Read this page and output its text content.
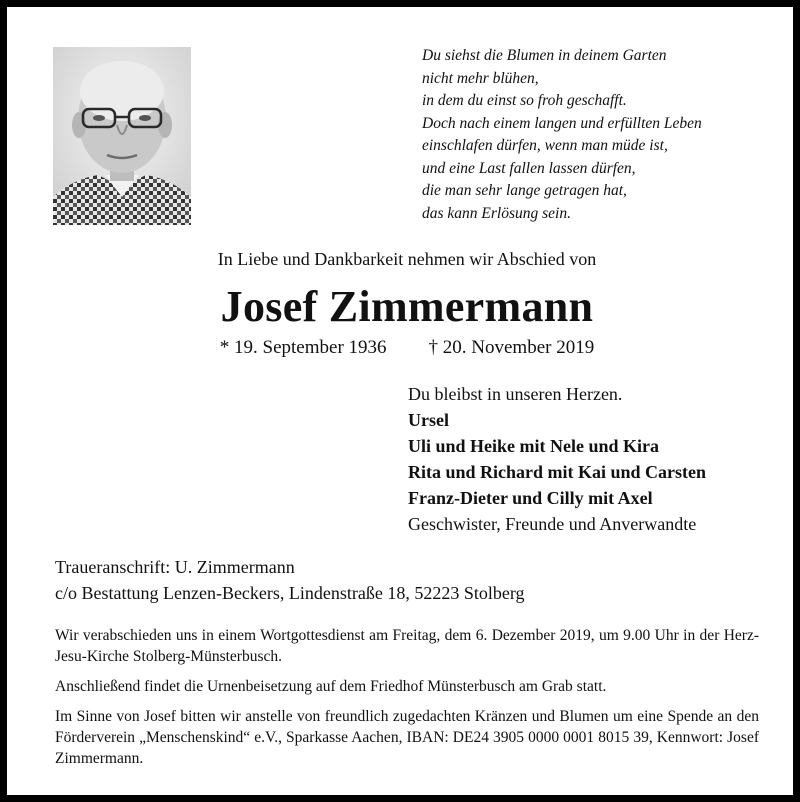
Du siehst die Blumen in deinem Garten
nicht mehr blühen,
in dem du einst so froh geschafft.
Doch nach einem langen und erfüllten Leben
einschlafen dürfen, wenn man müde ist,
und eine Last fallen lassen dürfen,
die man sehr lange getragen hat,
das kann Erlösung sein.
In Liebe und Dankbarkeit nehmen wir Abschied von
Josef Zimmermann
* 19. September 1936 † 20. November 2019
Du bleibst in unseren Herzen.
Ursel
Uli und Heike mit Nele und Kira
Rita und Richard mit Kai und Carsten
Franz-Dieter und Cilly mit Axel
Geschwister, Freunde und Anverwandte
Traueranschrift: U. Zimmermann
c/o Bestattung Lenzen-Beckers, Lindenstraße 18, 52223 Stolberg

Wir verabschieden uns in einem Wortgottesdienst am Freitag, dem 6. Dezember 2019, um 9.00 Uhr in der Herz-Jesu-Kirche Stolberg-Münsterbusch.

Anschließend findet die Urnenbeisetzung auf dem Friedhof Münsterbusch am Grab statt.

Im Sinne von Josef bitten wir anstelle von freundlich zugedachten Kränzen und Blumen um eine Spende an den Förderverein „Menschenskind“ e.V., Sparkasse Aachen, IBAN: DE24 3905 0000 0001 8015 39, Kennwort: Josef Zimmermann.
